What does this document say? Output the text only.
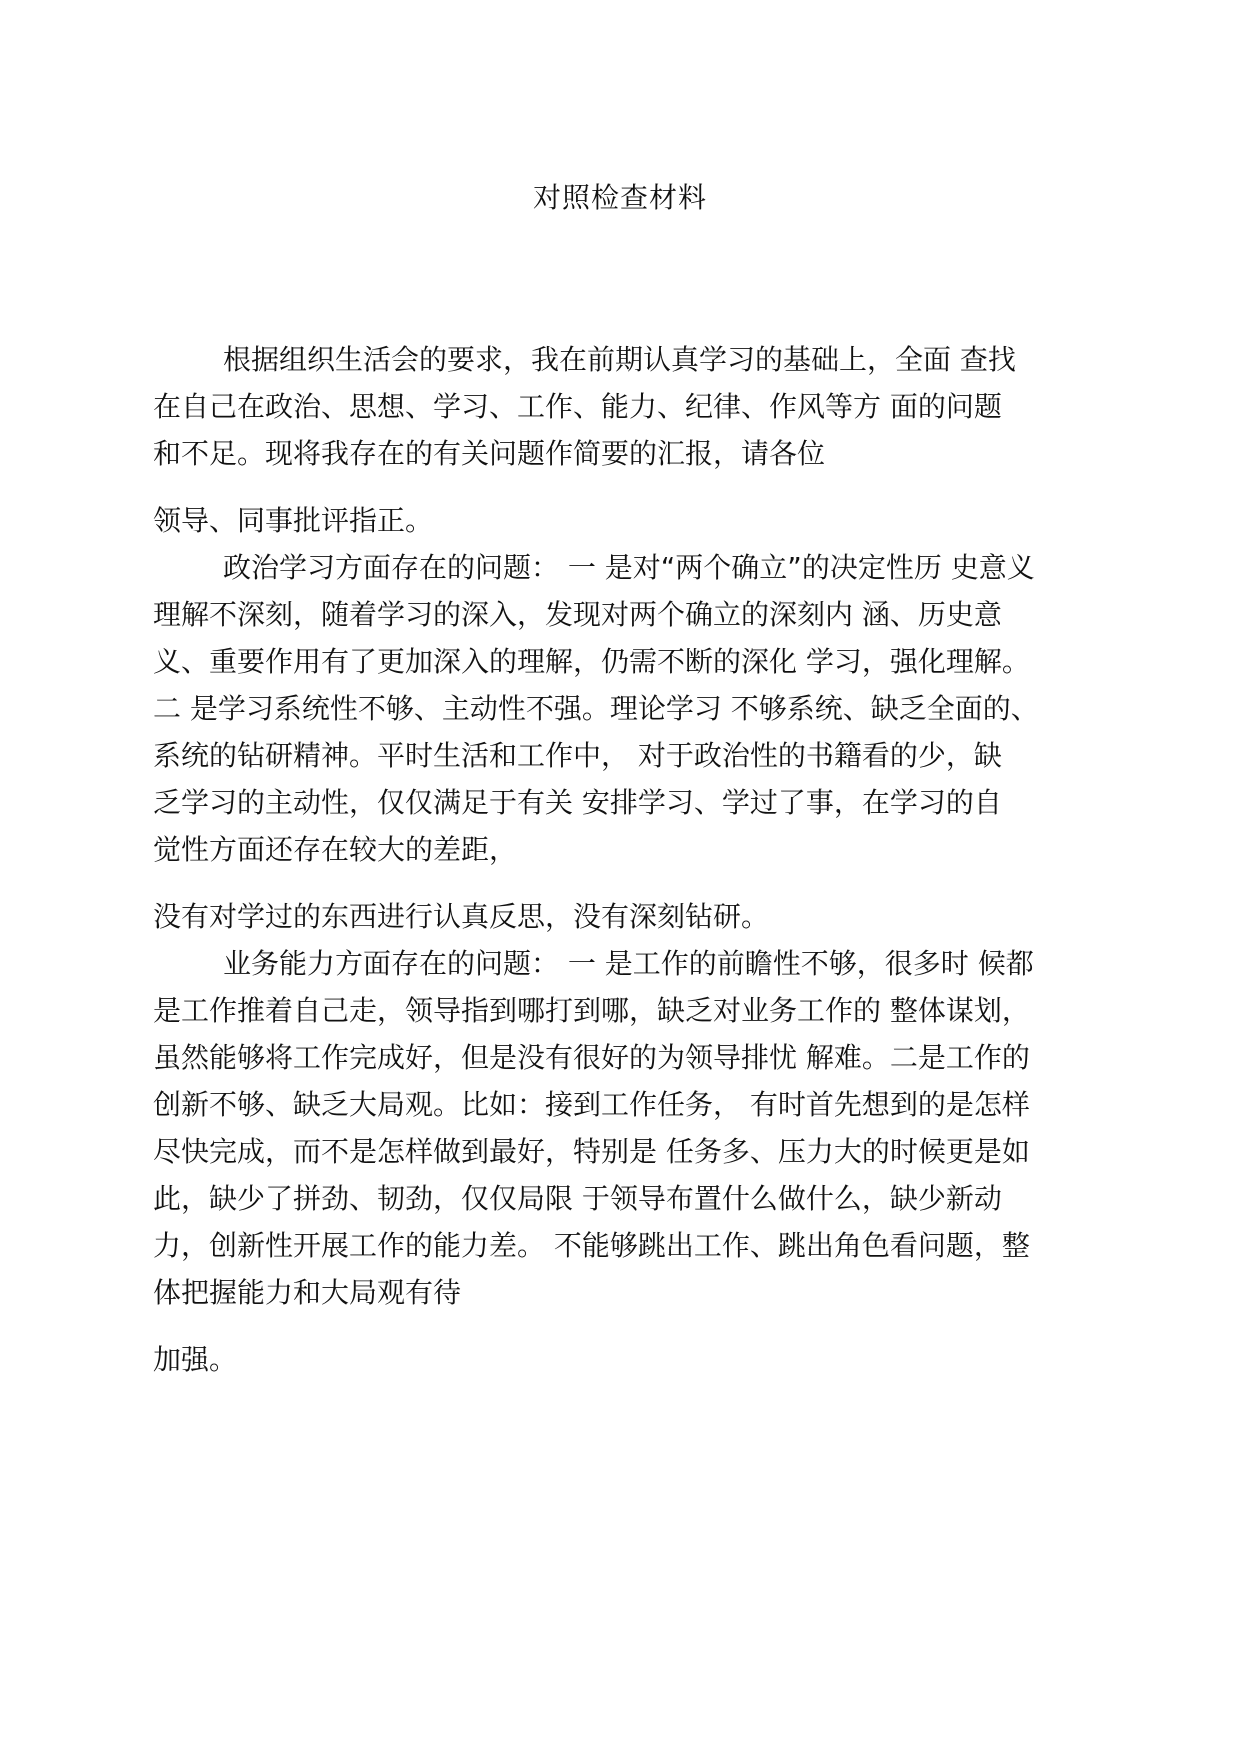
对照检查材料
根据组织生活会的要求，我在前期认真学习的基础上，全面 查找
在自己在政治、思想、学习、工作、能力、纪律、作风等方 面的问题
和不足。现将我存在的有关问题作简要的汇报，请各位
领导、同事批评指正。
政治学习方面存在的问题： 一 是对“两个确立”的决定性历 史意义
理解不深刻，随着学习的深入，发现对两个确立的深刻内 涵、历史意
义、重要作用有了更加深入的理解，仍需不断的深化 学习，强化理解。
二 是学习系统性不够、主动性不强。理论学习 不够系统、缺乏全面的、
系统的钻研精神。平时生活和工作中， 对于政治性的书籍看的少，缺
乏学习的主动性，仅仅满足于有关 安排学习、学过了事，在学习的自
觉性方面还存在较大的差距，
没有对学过的东西进行认真反思，没有深刻钻研。
业务能力方面存在的问题： 一 是工作的前瞻性不够，很多时 候都
是工作推着自己走，领导指到哪打到哪，缺乏对业务工作的 整体谋划，
虽然能够将工作完成好，但是没有很好的为领导排忧 解难。二是工作的
创新不够、缺乏大局观。比如：接到工作任务， 有时首先想到的是怎样
尽快完成，而不是怎样做到最好，特别是 任务多、压力大的时候更是如
此，缺少了拼劲、韧劲，仅仅局限 于领导布置什么做什么，缺少新动
力，创新性开展工作的能力差。 不能够跳出工作、跳出角色看问题，整
体把握能力和大局观有待
加强。
